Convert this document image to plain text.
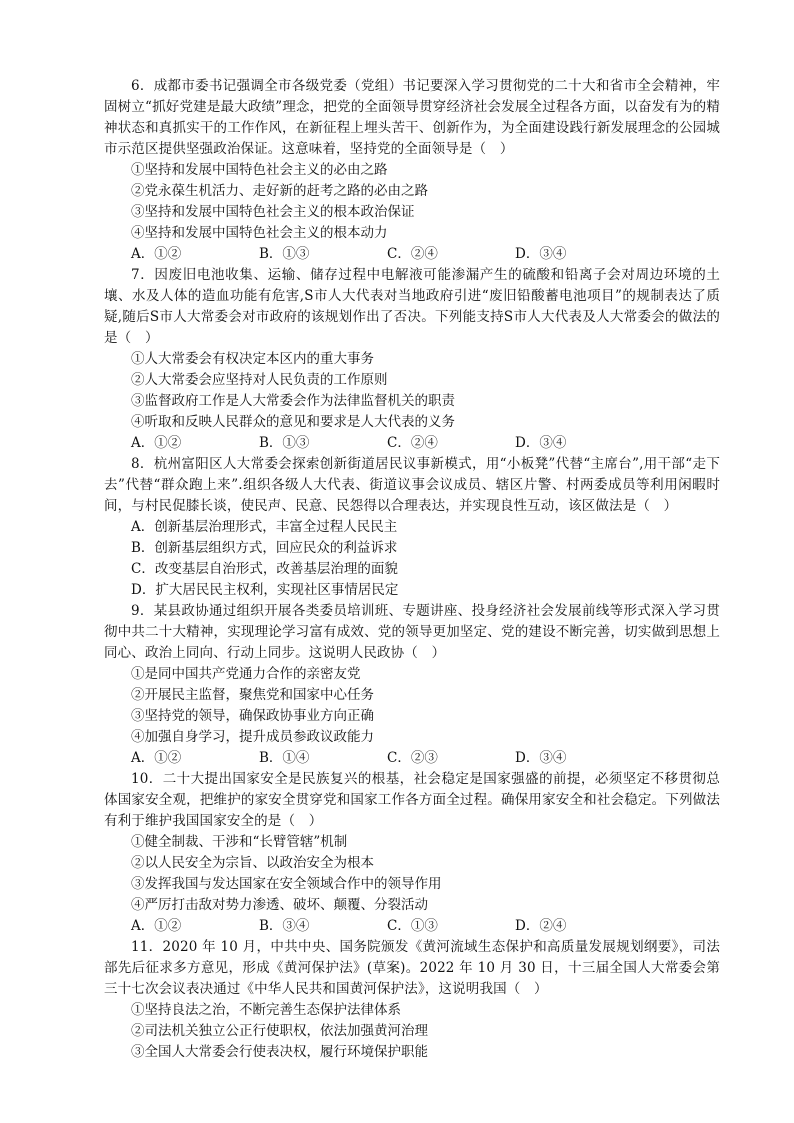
6．成都市委书记强调全市各级党委（党组）书记要深入学习贯彻党的二十大和省市全会精神，牢固树立“抓好党建是最大政绩”理念，把党的全面领导贯穿经济社会发展全过程各方面，以奋发有为的精神状态和真抓实干的工作作风，在新征程上埋头苦干、创新作为，为全面建设践行新发展理念的公园城市示范区提供坚强政治保证。这意味着，坚持党的全面领导是（　）

①坚持和发展中国特色社会主义的必由之路

②党永葆生机活力、走好新的赶考之路的必由之路

③坚持和发展中国特色社会主义的根本政治保证

④坚持和发展中国特色社会主义的根本动力

A．①②	B．①③	C．②④	D．③④

7．因废旧电池收集、运输、储存过程中电解液可能渗漏产生的硫酸和铅离子会对周边环境的土壤、水及人体的造血功能有危害,S市人大代表对当地政府引进“废旧铅酸蓄电池项目”的规制表达了质疑,随后S市人大常委会对市政府的该规划作出了否决。下列能支持S市人大代表及人大常委会的做法的是（　）

①人大常委会有权决定本区内的重大事务

②人大常委会应坚持对人民负责的工作原则

③监督政府工作是人大常委会作为法律监督机关的职责

④听取和反映人民群众的意见和要求是人大代表的义务

A．①②	B．①③	C．②④	D．③④

8．杭州富阳区人大常委会探索创新街道居民议事新模式，用“小板凳”代替“主席台”,用干部“走下去”代替“群众跑上来”.组织各级人大代表、街道议事会议成员、辖区片警、村两委成员等利用闲暇时间，与村民促膝长谈，使民声、民意、民怨得以合理表达，并实现良性互动，该区做法是（　）

A．创新基层治理形式，丰富全过程人民民主

B．创新基层组织方式，回应民众的利益诉求

C．改变基层自治形式，改善基层治理的面貌

D．扩大居民民主权利，实现社区事情居民定

9．某县政协通过组织开展各类委员培训班、专题讲座、投身经济社会发展前线等形式深入学习贯彻中共二十大精神，实现理论学习富有成效、党的领导更加坚定、党的建设不断完善，切实做到思想上同心、政治上同向、行动上同步。这说明人民政协（　）

①是同中国共产党通力合作的亲密友党

②开展民主监督，聚焦党和国家中心任务

③坚持党的领导，确保政协事业方向正确

④加强自身学习，提升成员参政议政能力

A．①②	B．①④	C．②③	D．③④

10．二十大提出国家安全是民族复兴的根基，社会稳定是国家强盛的前提，必须坚定不移贯彻总体国家安全观，把维护的家安全贯穿党和国家工作各方面全过程。确保用家安全和社会稳定。下列做法有利于维护我国国家安全的是（　）

①健全制裁、干涉和“长臂管辖”机制

②以人民安全为宗旨、以政治安全为根本

③发挥我国与发达国家在安全领域合作中的领导作用

④严厉打击敌对势力渗透、破坏、颠覆、分裂活动

A．①②	B．③④	C．①③	D．②④

11．2020 年 10 月，中共中央、国务院颁发《黄河流域生态保护和高质量发展规划纲要》，司法部先后征求多方意见，形成《黄河保护法》(草案)。2022 年 10 月 30 日，十三届全国人大常委会第三十七次会议表决通过《中华人民共和国黄河保护法》，这说明我国（　）

①坚持良法之治，不断完善生态保护法律体系

②司法机关独立公正行使职权，依法加强黄河治理

③全国人大常委会行使表决权，履行环境保护职能
